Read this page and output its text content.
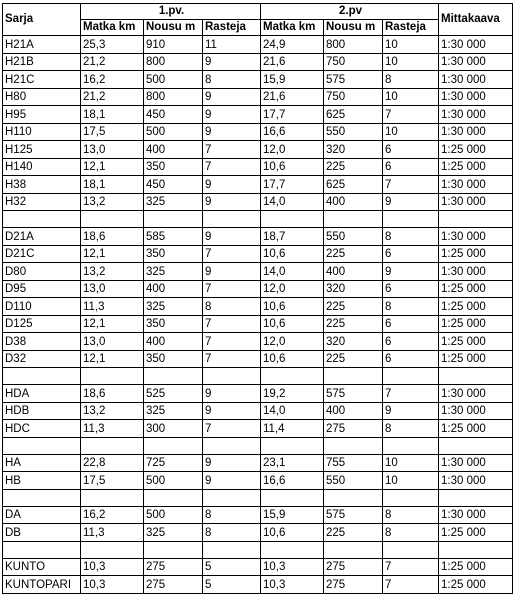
Sarja	1.pv.			2.pv			Mittakaava
	Matka km	Nousu m	Rasteja	Matka km	Nousu m	Rasteja	
H21A	25,3	910	11	24,9	800	10	1:30 000
H21B	21,2	800	9	21,6	750	10	1:30 000
H21C	16,2	500	8	15,9	575	8	1:30 000
H80	21,2	800	9	21,6	750	10	1:30 000
H95	18,1	450	9	17,7	625	7	1:30 000
H110	17,5	500	9	16,6	550	10	1:30 000
H125	13,0	400	7	12,0	320	6	1:25 000
H140	12,1	350	7	10,6	225	6	1:25 000
H38	18,1	450	9	17,7	625	7	1:30 000
H32	13,2	325	9	14,0	400	9	1:30 000

D21A	18,6	585	9	18,7	550	8	1:30 000
D21C	12,1	350	7	10,6	225	6	1:25 000
D80	13,2	325	9	14,0	400	9	1:30 000
D95	13,0	400	7	12,0	320	6	1:25 000
D110	11,3	325	8	10,6	225	8	1:25 000
D125	12,1	350	7	10,6	225	6	1:25 000
D38	13,0	400	7	12,0	320	6	1:25 000
D32	12,1	350	7	10,6	225	6	1:25 000

HDA	18,6	525	9	19,2	575	7	1:30 000
HDB	13,2	325	9	14,0	400	9	1:30 000
HDC	11,3	300	7	11,4	275	8	1:25 000

HA	22,8	725	9	23,1	755	10	1:30 000
HB	17,5	500	9	16,6	550	10	1:30 000

DA	16,2	500	8	15,9	575	8	1:30 000
DB	11,3	325	8	10,6	225	8	1:25 000

KUNTO	10,3	275	5	10,3	275	7	1:25 000
KUNTOPARI	10,3	275	5	10,3	275	7	1:25 000
